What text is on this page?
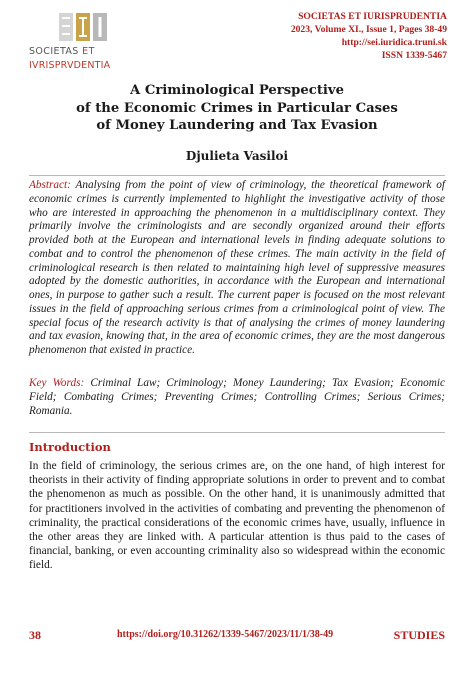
SOCIETAS ET
IVRISPRVDENTIA
SOCIETAS ET IURISPRUDENTIA
2023, Volume XI., Issue 1, Pages 38-49
http://sei.iuridica.truni.sk
ISSN 1339-5467
A Criminological Perspective
of the Economic Crimes in Particular Cases
of Money Laundering and Tax Evasion

Djulieta Vasiloi

Abstract: Analysing from the point of view of criminology, the theoretical framework of economic crimes is currently implemented to highlight the investigative activity of those who are interested in approaching the phenomenon in a multidisciplinary context. They primarily involve the criminologists and are secondly organized around their efforts provided both at the European and international levels in finding adequate solutions to combat and to control the phenomenon of these crimes. The main activity in the field of criminological research is then related to maintaining high level of suppressive measures adopted by the domestic authorities, in accordance with the European and international ones, in purpose to gather such a result. The current paper is focused on the most relevant issues in the field of approaching serious crimes from a criminological point of view. The special focus of the research activity is that of analysing the crimes of money laundering and tax evasion, knowing that, in the area of economic crimes, they are the most dangerous phenomenon that existed in practice.

Key Words: Criminal Law; Criminology; Money Laundering; Tax Evasion; Economic Field; Combating Crimes; Preventing Crimes; Controlling Crimes; Serious Crimes; Romania.

Introduction

In the field of criminology, the serious crimes are, on the one hand, of high interest for theorists in their activity of finding appropriate solutions in order to prevent and to combat the phenomenon as much as possible. On the other hand, it is unanimously admitted that for practitioners involved in the activities of combating and preventing the phenomenon of criminality, the practical considerations of the economic crimes have, usually, influence in the other areas they are linked with. A particular attention is thus paid to the cases of financial, banking, or even accounting criminality also so widespread within the economic field.

38	https://doi.org/10.31262/1339-5467/2023/11/1/38-49	STUDIES
